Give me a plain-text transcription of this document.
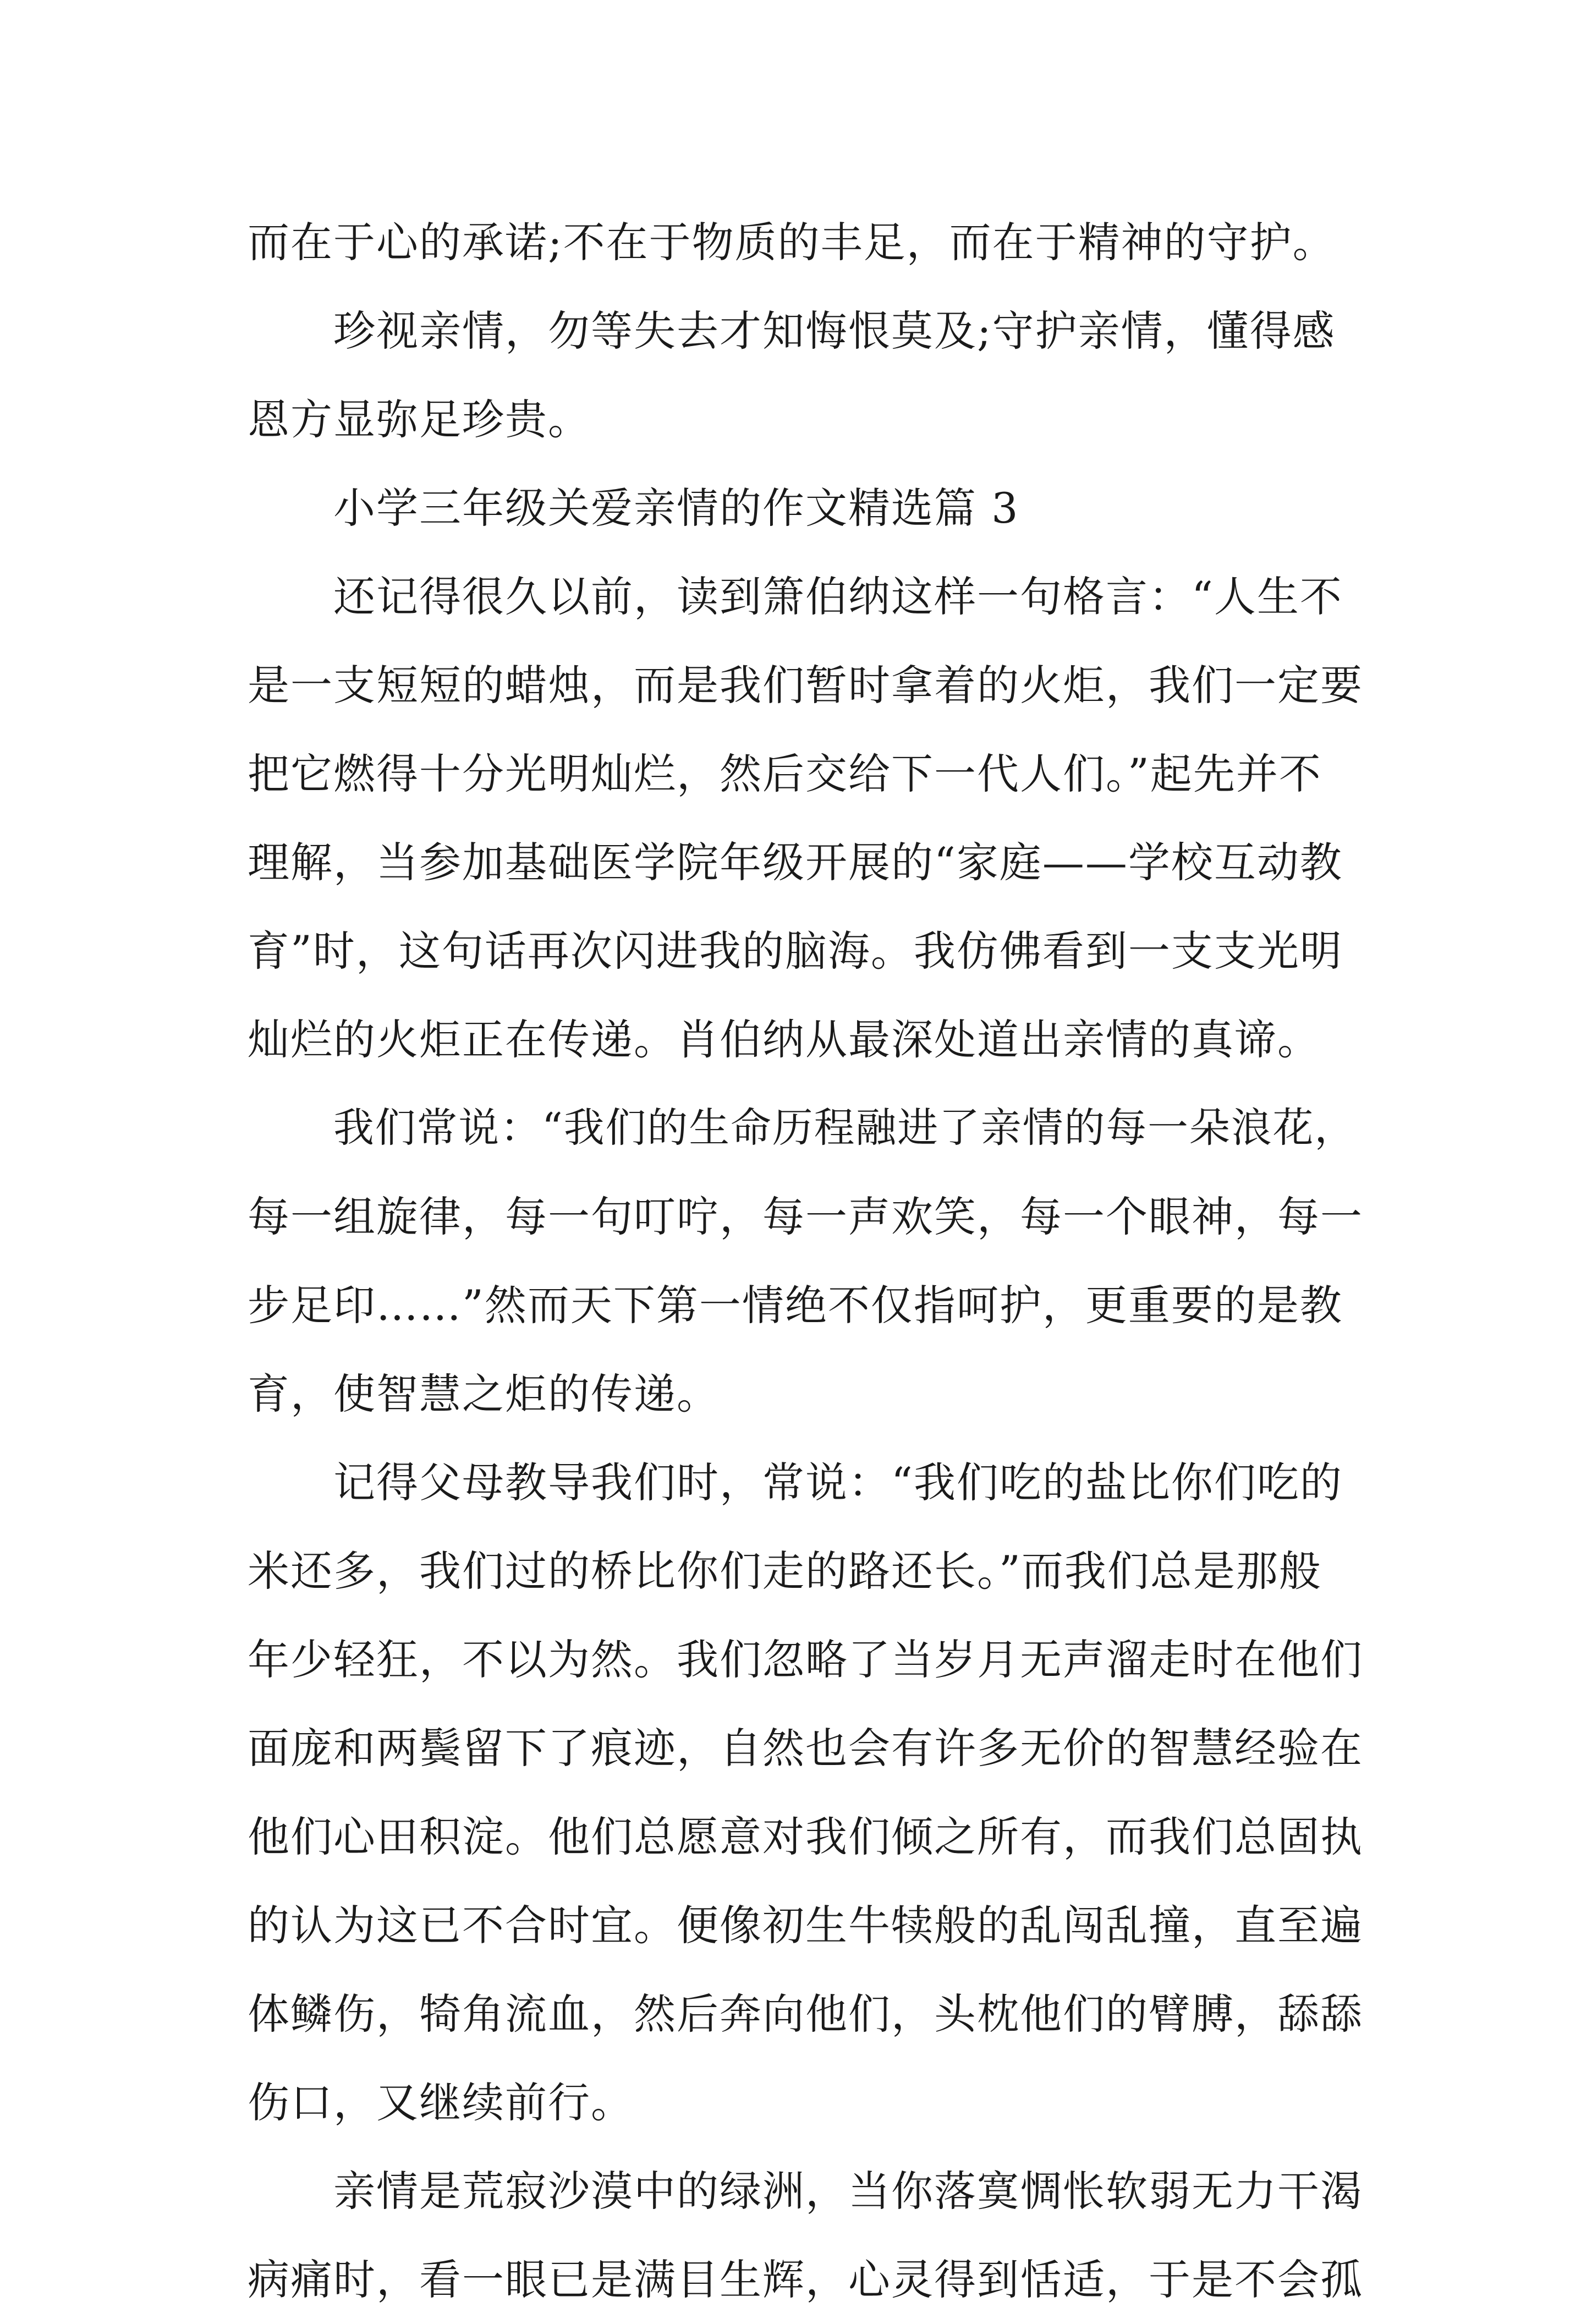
而在于心的承诺;不在于物质的丰足，而在于精神的守护。
珍视亲情，勿等失去才知悔恨莫及;守护亲情，懂得感
恩方显弥足珍贵。
小学三年级关爱亲情的作文精选篇 3
还记得很久以前，读到箫伯纳这样一句格言：“人生不
是一支短短的蜡烛，而是我们暂时拿着的火炬，我们一定要
把它燃得十分光明灿烂，然后交给下一代人们。”起先并不
理解，当参加基础医学院年级开展的“家庭——学校互动教
育”时，这句话再次闪进我的脑海。我仿佛看到一支支光明
灿烂的火炬正在传递。肖伯纳从最深处道出亲情的真谛。
我们常说：“我们的生命历程融进了亲情的每一朵浪花，
每一组旋律，每一句叮咛，每一声欢笑，每一个眼神，每一
步足印……”然而天下第一情绝不仅指呵护，更重要的是教
育，使智慧之炬的传递。
记得父母教导我们时，常说：“我们吃的盐比你们吃的
米还多，我们过的桥比你们走的路还长。”而我们总是那般
年少轻狂，不以为然。我们忽略了当岁月无声溜走时在他们
面庞和两鬓留下了痕迹，自然也会有许多无价的智慧经验在
他们心田积淀。他们总愿意对我们倾之所有，而我们总固执
的认为这已不合时宜。便像初生牛犊般的乱闯乱撞，直至遍
体鳞伤，犄角流血，然后奔向他们，头枕他们的臂膊，舔舔
伤口，又继续前行。
亲情是荒寂沙漠中的绿洲，当你落寞惆怅软弱无力干渴
病痛时，看一眼已是满目生辉，心灵得到恬适，于是不会孤
